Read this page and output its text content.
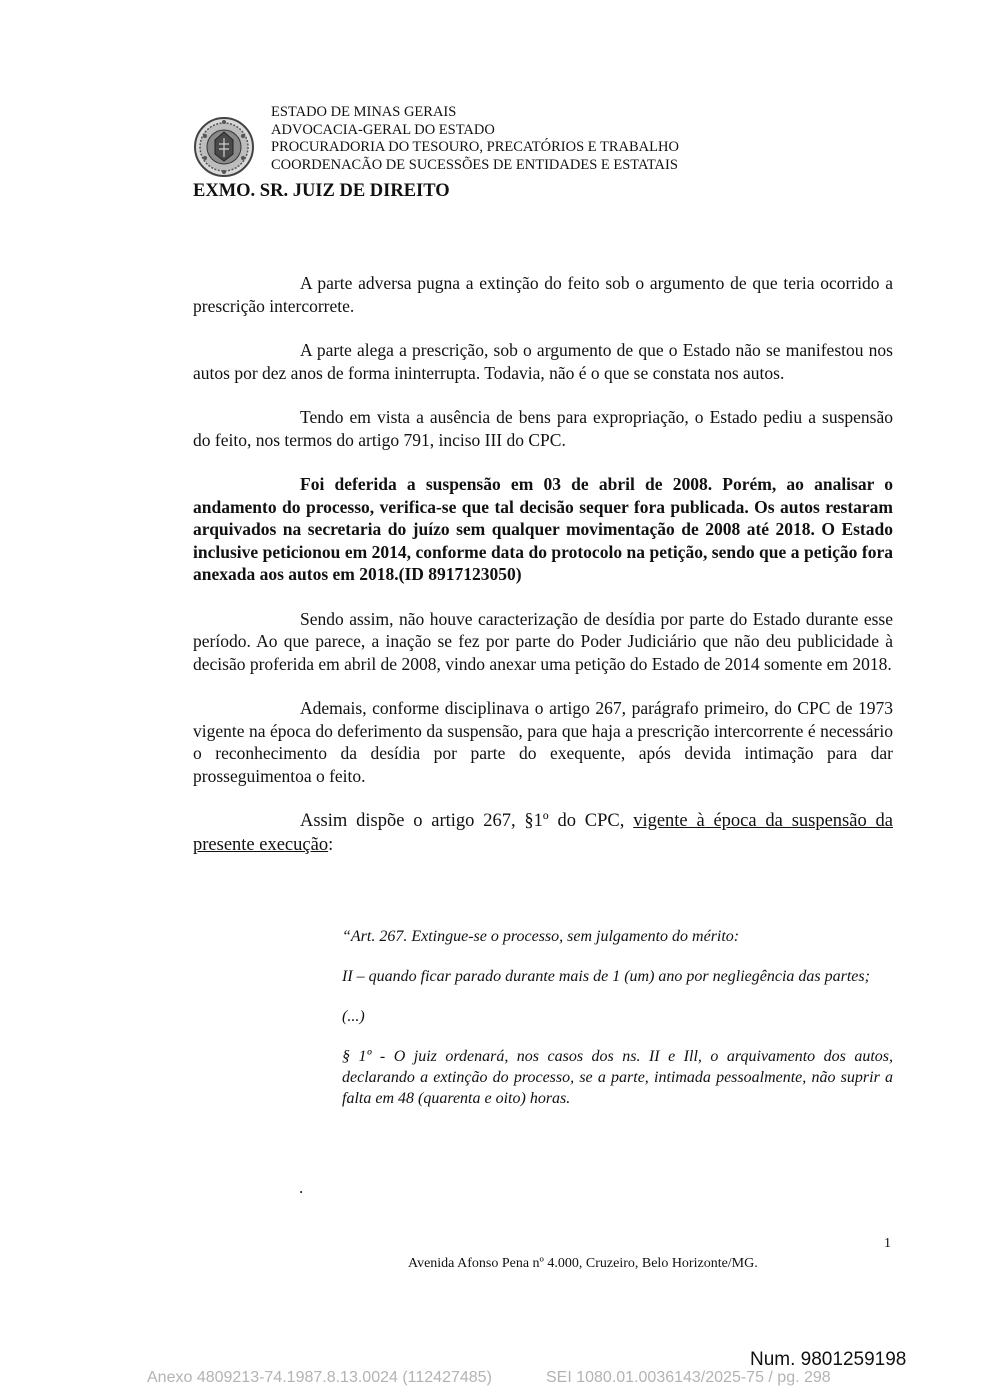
ESTADO DE MINAS GERAIS
ADVOCACIA-GERAL DO ESTADO
PROCURADORIA DO TESOURO, PRECATÓRIOS E TRABALHO
COORDENACÃO DE SUCESSÕES DE ENTIDADES E ESTATAIS
EXMO. SR. JUIZ DE DIREITO

A parte adversa pugna a extinção do feito sob o argumento de que teria ocorrido a prescrição intercorrete.

A parte alega a prescrição, sob o argumento de que o Estado não se manifestou nos autos por dez anos de forma ininterrupta. Todavia, não é o que se constata nos autos.

Tendo em vista a ausência de bens para expropriação, o Estado pediu a suspensão do feito, nos termos do artigo 791, inciso III do CPC.

Foi deferida a suspensão em 03 de abril de 2008. Porém, ao analisar o andamento do processo, verifica-se que tal decisão sequer fora publicada. Os autos restaram arquivados na secretaria do juízo sem qualquer movimentação de 2008 até 2018. O Estado inclusive peticionou em 2014, conforme data do protocolo na petição, sendo que a petição fora anexada aos autos em 2018.(ID 8917123050)

Sendo assim, não houve caracterização de desídia por parte do Estado durante esse período. Ao que parece, a inação se fez por parte do Poder Judiciário que não deu publicidade à decisão proferida em abril de 2008, vindo anexar uma petição do Estado de 2014 somente em 2018.

Ademais, conforme disciplinava o artigo 267, parágrafo primeiro, do CPC de 1973 vigente na época do deferimento da suspensão, para que haja a prescrição intercorrente é necessário o reconhecimento da desídia por parte do exequente, após devida intimação para dar prosseguimentoa o feito.

Assim dispõe o artigo 267, §1º do CPC, vigente à época da suspensão da presente execução:

“Art. 267. Extingue-se o processo, sem julgamento do mérito:

II – quando ficar parado durante mais de 1 (um) ano por negliegência das partes;

(...)

§ 1º - O juiz ordenará, nos casos dos ns. II e Ill, o arquivamento dos autos, declarando a extinção do processo, se a parte, intimada pessoalmente, não suprir a falta em 48 (quarenta e oito) horas.

.
1
Avenida Afonso Pena nº 4.000, Cruzeiro, Belo Horizonte/MG.
Num. 9801259198
Anexo 4809213-74.1987.8.13.0024 (112427485)	SEI 1080.01.0036143/2025-75 / pg. 298
